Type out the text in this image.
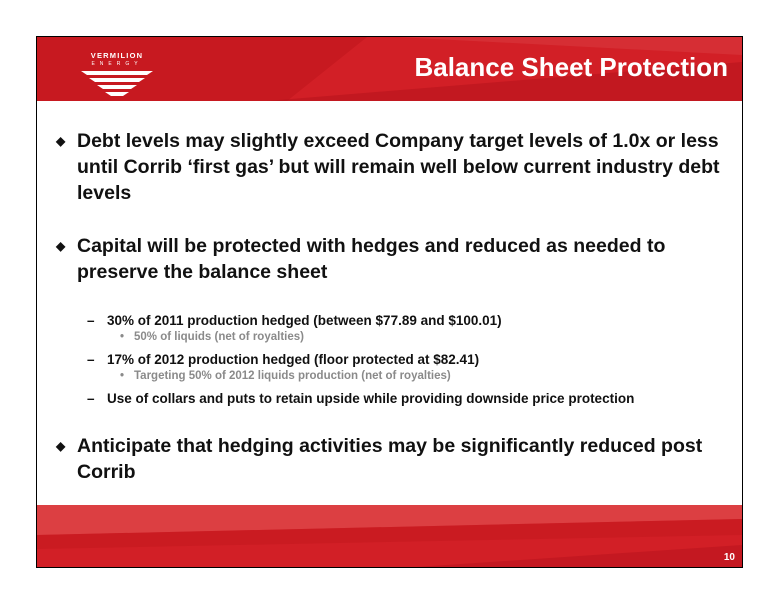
VERMILION
ENERGY	Balance Sheet Protection
◆ Debt levels may slightly exceed Company target levels of 1.0x or less until Corrib ‘first gas’ but will remain well below current industry debt levels
◆ Capital will be protected with hedges and reduced as needed to preserve the balance sheet
– 30% of 2011 production hedged (between $77.89 and $100.01)
• 50% of liquids (net of royalties)
– 17% of 2012 production hedged (floor protected at $82.41)
• Targeting 50% of 2012 liquids production (net of royalties)
– Use of collars and puts to retain upside while providing downside price protection
◆ Anticipate that hedging activities may be significantly reduced post Corrib
10
